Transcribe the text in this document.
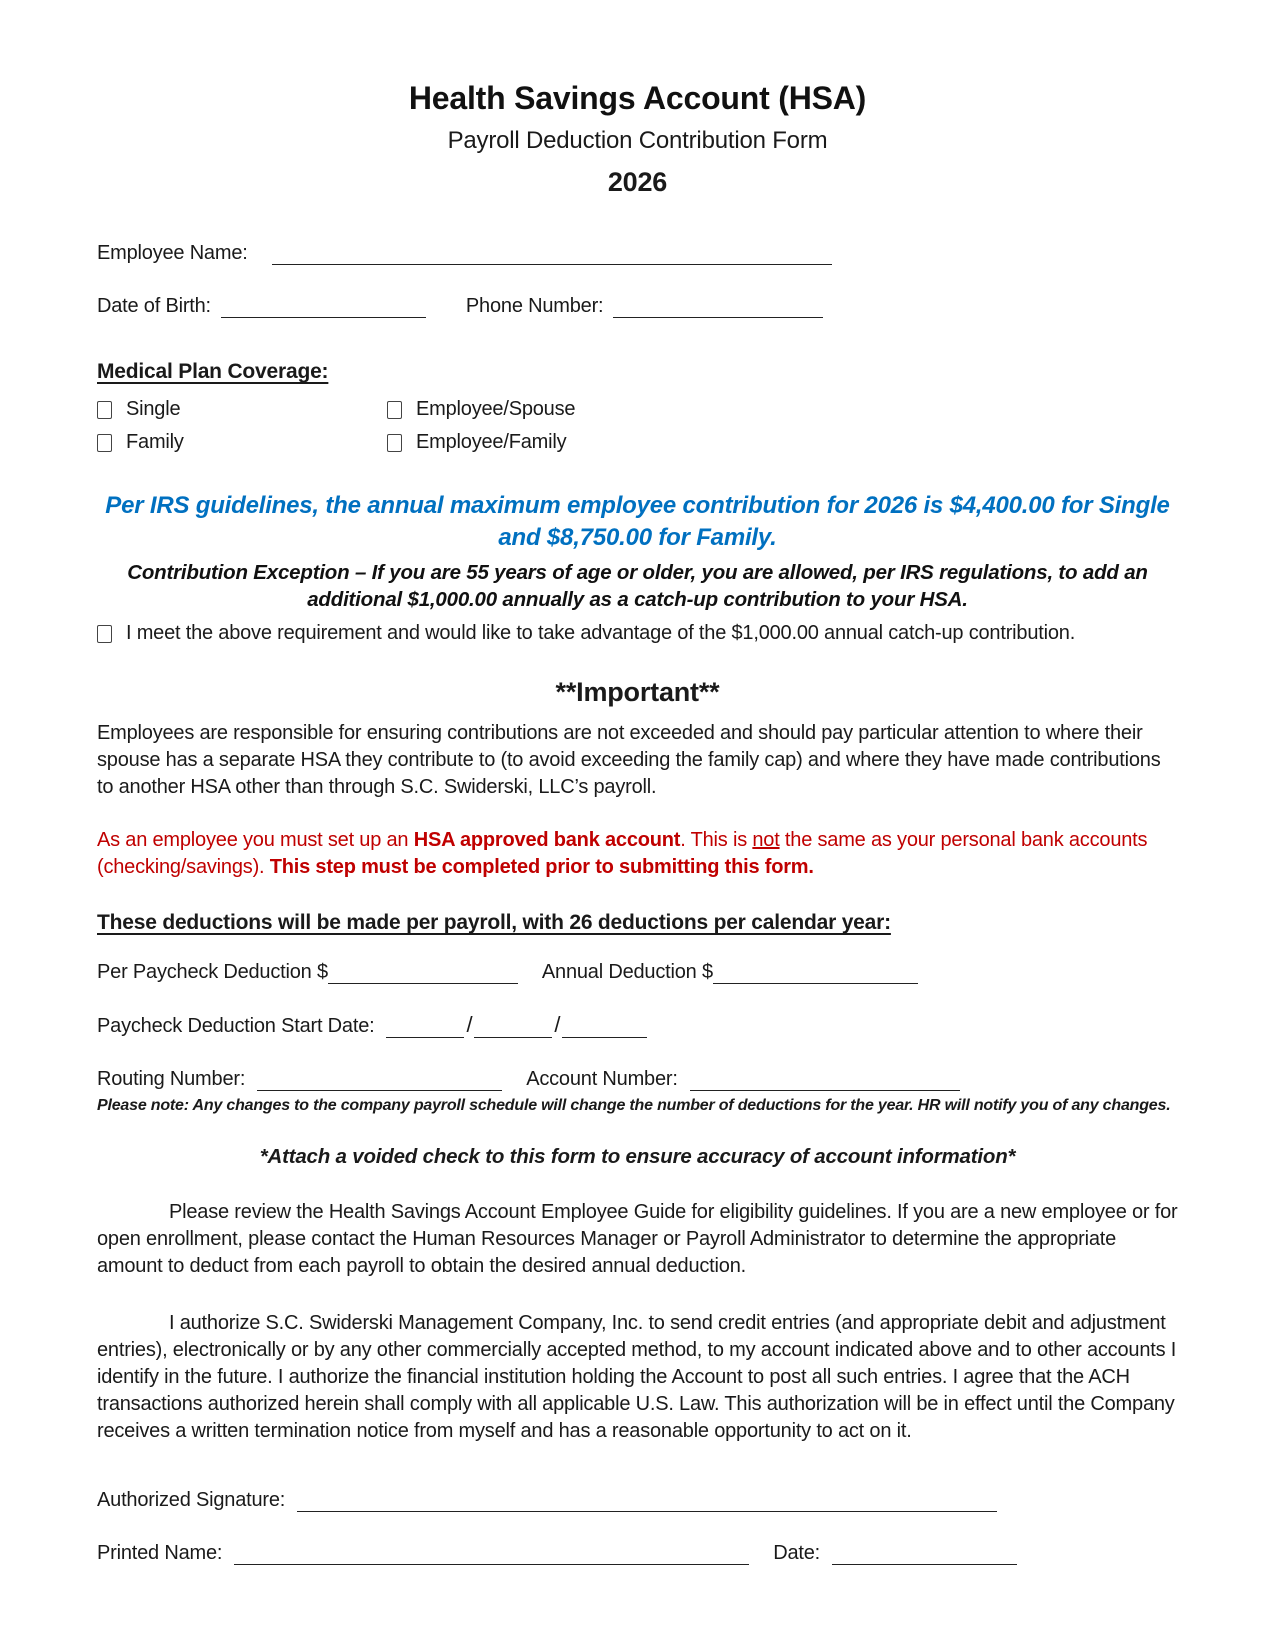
Health Savings Account (HSA)
Payroll Deduction Contribution Form
2026
Employee Name:
Date of Birth:	Phone Number:
Medical Plan Coverage:
Single	Employee/Spouse
Family	Employee/Family
Per IRS guidelines, the annual maximum employee contribution for 2026 is $4,400.00 for Single and $8,750.00 for Family.
Contribution Exception – If you are 55 years of age or older, you are allowed, per IRS regulations, to add an additional $1,000.00 annually as a catch-up contribution to your HSA.
I meet the above requirement and would like to take advantage of the $1,000.00 annual catch-up contribution.
**Important**
Employees are responsible for ensuring contributions are not exceeded and should pay particular attention to where their spouse has a separate HSA they contribute to (to avoid exceeding the family cap) and where they have made contributions to another HSA other than through S.C. Swiderski, LLC’s payroll.
As an employee you must set up an HSA approved bank account. This is not the same as your personal bank accounts (checking/savings). This step must be completed prior to submitting this form.
These deductions will be made per payroll, with 26 deductions per calendar year:
Per Paycheck Deduction $	Annual Deduction $
Paycheck Deduction Start Date:	/	/
Routing Number:	Account Number:
Please note: Any changes to the company payroll schedule will change the number of deductions for the year. HR will notify you of any changes.
*Attach a voided check to this form to ensure accuracy of account information*
Please review the Health Savings Account Employee Guide for eligibility guidelines. If you are a new employee or for open enrollment, please contact the Human Resources Manager or Payroll Administrator to determine the appropriate amount to deduct from each payroll to obtain the desired annual deduction.
I authorize S.C. Swiderski Management Company, Inc. to send credit entries (and appropriate debit and adjustment entries), electronically or by any other commercially accepted method, to my account indicated above and to other accounts I identify in the future. I authorize the financial institution holding the Account to post all such entries. I agree that the ACH transactions authorized herein shall comply with all applicable U.S. Law. This authorization will be in effect until the Company receives a written termination notice from myself and has a reasonable opportunity to act on it.
Authorized Signature:
Printed Name:	Date:
